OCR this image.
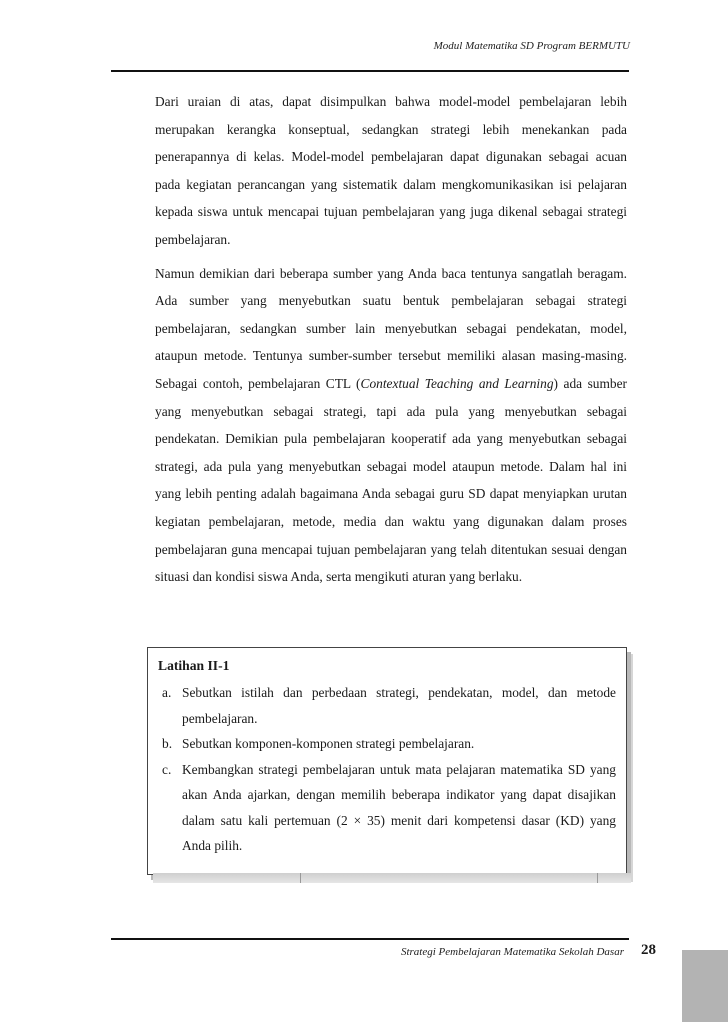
Modul Matematika SD Program BERMUTU

Dari uraian di atas, dapat disimpulkan bahwa model-model pembelajaran lebih merupakan kerangka konseptual, sedangkan strategi lebih menekankan pada penerapannya di kelas. Model-model pembelajaran dapat digunakan sebagai acuan pada kegiatan perancangan yang sistematik dalam mengkomunikasikan isi pelajaran kepada siswa untuk mencapai tujuan pembelajaran yang juga dikenal sebagai strategi pembelajaran.

Namun demikian dari beberapa sumber yang Anda baca tentunya sangatlah beragam. Ada sumber yang menyebutkan suatu bentuk pembelajaran sebagai strategi pembelajaran, sedangkan sumber lain menyebutkan sebagai pendekatan, model, ataupun metode. Tentunya sumber-sumber tersebut memiliki alasan masing-masing. Sebagai contoh, pembelajaran CTL (Contextual Teaching and Learning) ada sumber yang menyebutkan sebagai strategi, tapi ada pula yang menyebutkan sebagai pendekatan. Demikian pula pembelajaran kooperatif ada yang menyebutkan sebagai strategi, ada pula yang menyebutkan sebagai model ataupun metode. Dalam hal ini yang lebih penting adalah bagaimana Anda sebagai guru SD dapat menyiapkan urutan kegiatan pembelajaran, metode, media dan waktu yang digunakan dalam proses pembelajaran guna mencapai tujuan pembelajaran yang telah ditentukan sesuai dengan situasi dan kondisi siswa Anda, serta mengikuti aturan yang berlaku.

Latihan II-1
a. Sebutkan istilah dan perbedaan strategi, pendekatan, model, dan metode pembelajaran.
b. Sebutkan komponen-komponen strategi pembelajaran.
c. Kembangkan strategi pembelajaran untuk mata pelajaran matematika SD yang akan Anda ajarkan, dengan memilih beberapa indikator yang dapat disajikan dalam satu kali pertemuan (2 × 35) menit dari kompetensi dasar (KD) yang Anda pilih.
Strategi Pembelajaran Matematika Sekolah Dasar 28
